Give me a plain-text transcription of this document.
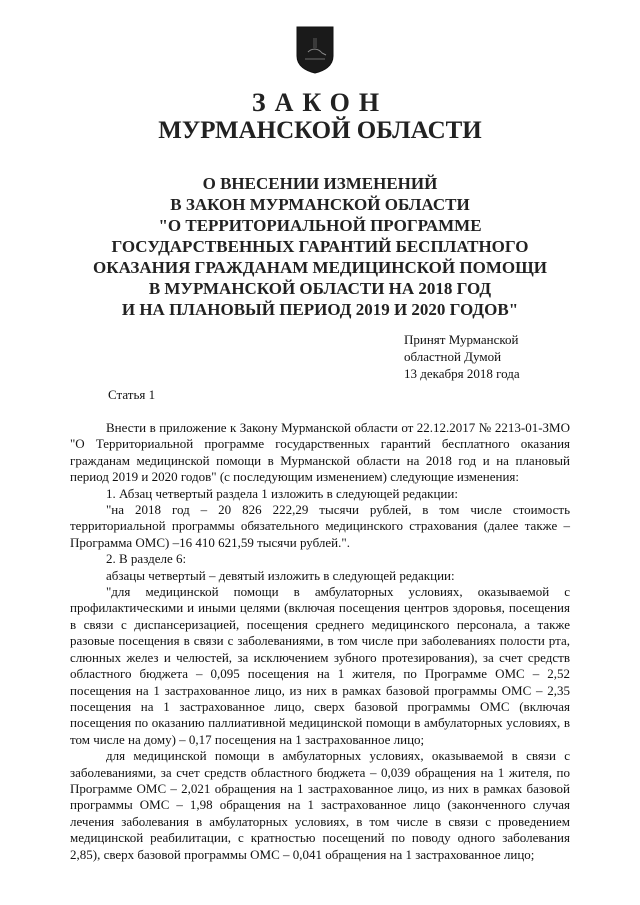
ЗАКОН
МУРМАНСКОЙ ОБЛАСТИ
О ВНЕСЕНИИ ИЗМЕНЕНИЙ
В ЗАКОН МУРМАНСКОЙ ОБЛАСТИ
"О ТЕРРИТОРИАЛЬНОЙ ПРОГРАММЕ
ГОСУДАРСТВЕННЫХ ГАРАНТИЙ БЕСПЛАТНОГО
ОКАЗАНИЯ ГРАЖДАНАМ МЕДИЦИНСКОЙ ПОМОЩИ
В МУРМАНСКОЙ ОБЛАСТИ НА 2018 ГОД
И НА ПЛАНОВЫЙ ПЕРИОД 2019 И 2020 ГОДОВ"
Принят Мурманской
областной Думой
13 декабря 2018 года
Статья 1

Внести в приложение к Закону Мурманской области от 22.12.2017 № 2213-01-ЗМО "О Территориальной программе государственных гарантий бесплатного оказания гражданам медицинской помощи в Мурманской области на 2018 год и на плановый период 2019 и 2020 годов" (с последующим изменением) следующие изменения:

1. Абзац четвертый раздела 1 изложить в следующей редакции:

"на 2018 год – 20 826 222,29 тысячи рублей, в том числе стоимость территориальной программы обязательного медицинского страхования (далее также – Программа ОМС) –16 410 621,59 тысячи рублей.".

2. В разделе 6:

абзацы четвертый – девятый изложить в следующей редакции:

"для медицинской помощи в амбулаторных условиях, оказываемой с профилактическими и иными целями (включая посещения центров здоровья, посещения в связи с диспансеризацией, посещения среднего медицинского персонала, а также разовые посещения в связи с заболеваниями, в том числе при заболеваниях полости рта, слюнных желез и челюстей, за исключением зубного протезирования), за счет средств областного бюджета – 0,095 посещения на 1 жителя, по Программе ОМС – 2,52 посещения на 1 застрахованное лицо, из них в рамках базовой программы ОМС – 2,35 посещения на 1 застрахованное лицо, сверх базовой программы ОМС (включая посещения по оказанию паллиативной медицинской помощи в амбулаторных условиях, в том числе на дому) – 0,17 посещения на 1 застрахованное лицо;

для медицинской помощи в амбулаторных условиях, оказываемой в связи с заболеваниями, за счет средств областного бюджета – 0,039 обращения на 1 жителя, по Программе ОМС – 2,021 обращения на 1 застрахованное лицо, из них в рамках базовой программы ОМС – 1,98 обращения на 1 застрахованное лицо (законченного случая лечения заболевания в амбулаторных условиях, в том числе в связи с проведением медицинской реабилитации, с кратностью посещений по поводу одного заболевания 2,85), сверх базовой программы ОМС – 0,041 обращения на 1 застрахованное лицо;
